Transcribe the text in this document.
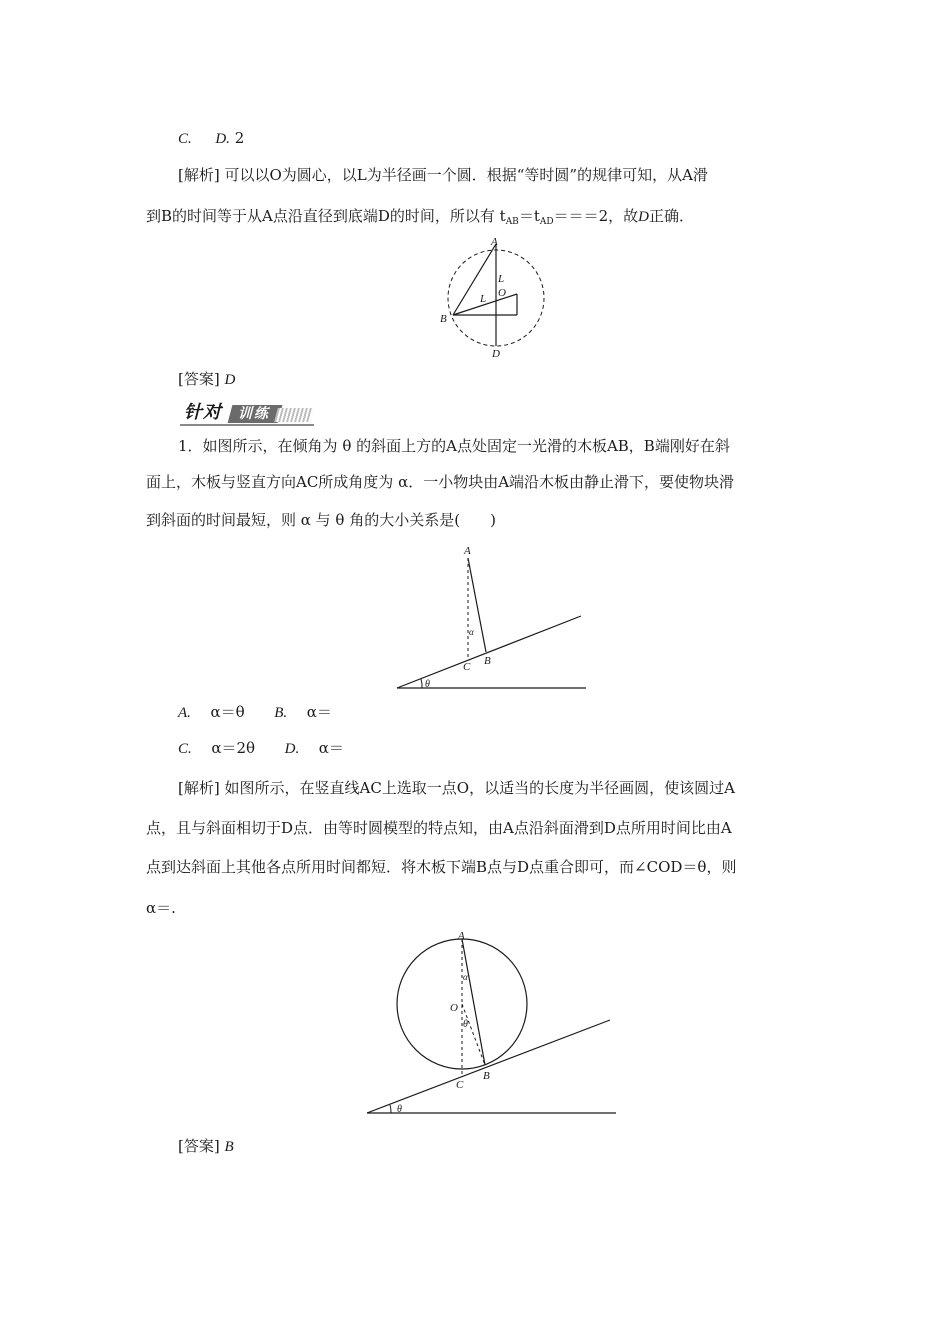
C. D. 2
[解析] 可以以O为圆心，以L为半径画一个圆．根据“等时圆”的规律可知，从A滑
到B的时间等于从A点沿直径到底端D的时间，所以有 $t_{AB}=t_{AD}===2$，故D正确．
A
L
O
L
B
D
[答案] D
针对	训练
1．如图所示，在倾角为 θ 的斜面上方的A点处固定一光滑的木板AB，B端刚好在斜
面上，木板与竖直方向AC所成角度为 α．一小物块由A端沿木板由静止滑下，要使物块滑
到斜面的时间最短，则 α 与 θ 角的大小关系是(　　)
A
α
C B
θ
A. α＝θ B. α＝
C. α＝2θ D. α＝
[解析] 如图所示，在竖直线AC上选取一点O，以适当的长度为半径画圆，使该圆过A
点，且与斜面相切于D点．由等时圆模型的特点知，由A点沿斜面滑到D点所用时间比由A
点到达斜面上其他各点所用时间都短．将木板下端B点与D点重合即可，而∠COD＝θ，则
α＝.
A
α
O
θ
C
B
θ
[答案] B
